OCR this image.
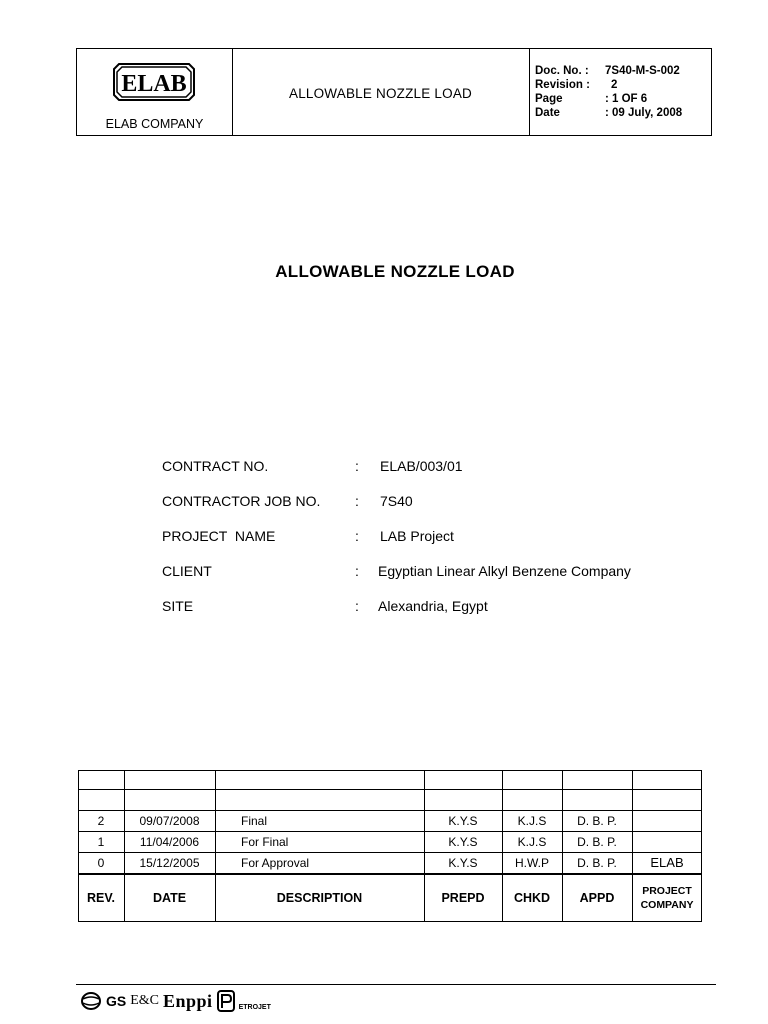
ELAB
ELAB COMPANY
ALLOWABLE NOZZLE LOAD
Doc. No. : 7S40-M-S-002
Revision : 2
Page	: 1 OF 6
Date	: 09 July, 2008
ALLOWABLE NOZZLE LOAD
CONTRACT NO.	: ELAB/003/01
CONTRACTOR JOB NO.	: 7S40
PROJECT  NAME	: LAB Project
CLIENT	: Egyptian Linear Alkyl Benzene Company
SITE	: Alexandria, Egypt
2	09/07/2008	Final	K.Y.S	K.J.S	D. B. P.
1	11/04/2006	For Final	K.Y.S	K.J.S	D. B. P.
0	15/12/2005	For Approval	K.Y.S	H.W.P	D. B. P.	ELAB
REV.	DATE	DESCRIPTION	PREPD	CHKD	APPD	PROJECT COMPANY
GS E&C Enppi	ETROJET
